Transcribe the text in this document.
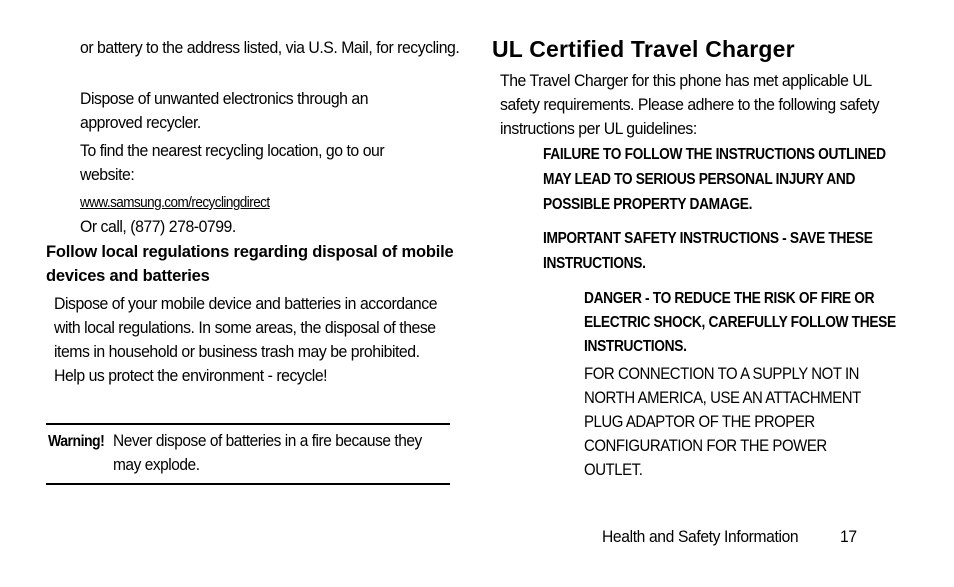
or battery to the address listed, via U.S. Mail, for recycling.

Dispose of unwanted electronics through an approved recycler.

To find the nearest recycling location, go to our website:

www.samsung.com/recyclingdirect

Or call, (877) 278-0799.

Follow local regulations regarding disposal of mobile devices and batteries

Dispose of your mobile device and batteries in accordance with local regulations. In some areas, the disposal of these items in household or business trash may be prohibited. Help us protect the environment - recycle!

Warning! Never dispose of batteries in a fire because they may explode.

UL Certified Travel Charger

The Travel Charger for this phone has met applicable UL safety requirements. Please adhere to the following safety instructions per UL guidelines:

FAILURE TO FOLLOW THE INSTRUCTIONS OUTLINED MAY LEAD TO SERIOUS PERSONAL INJURY AND POSSIBLE PROPERTY DAMAGE.

IMPORTANT SAFETY INSTRUCTIONS - SAVE THESE INSTRUCTIONS.

DANGER - TO REDUCE THE RISK OF FIRE OR ELECTRIC SHOCK, CAREFULLY FOLLOW THESE INSTRUCTIONS.

FOR CONNECTION TO A SUPPLY NOT IN NORTH AMERICA, USE AN ATTACHMENT PLUG ADAPTOR OF THE PROPER CONFIGURATION FOR THE POWER OUTLET.

Health and Safety Information 17
